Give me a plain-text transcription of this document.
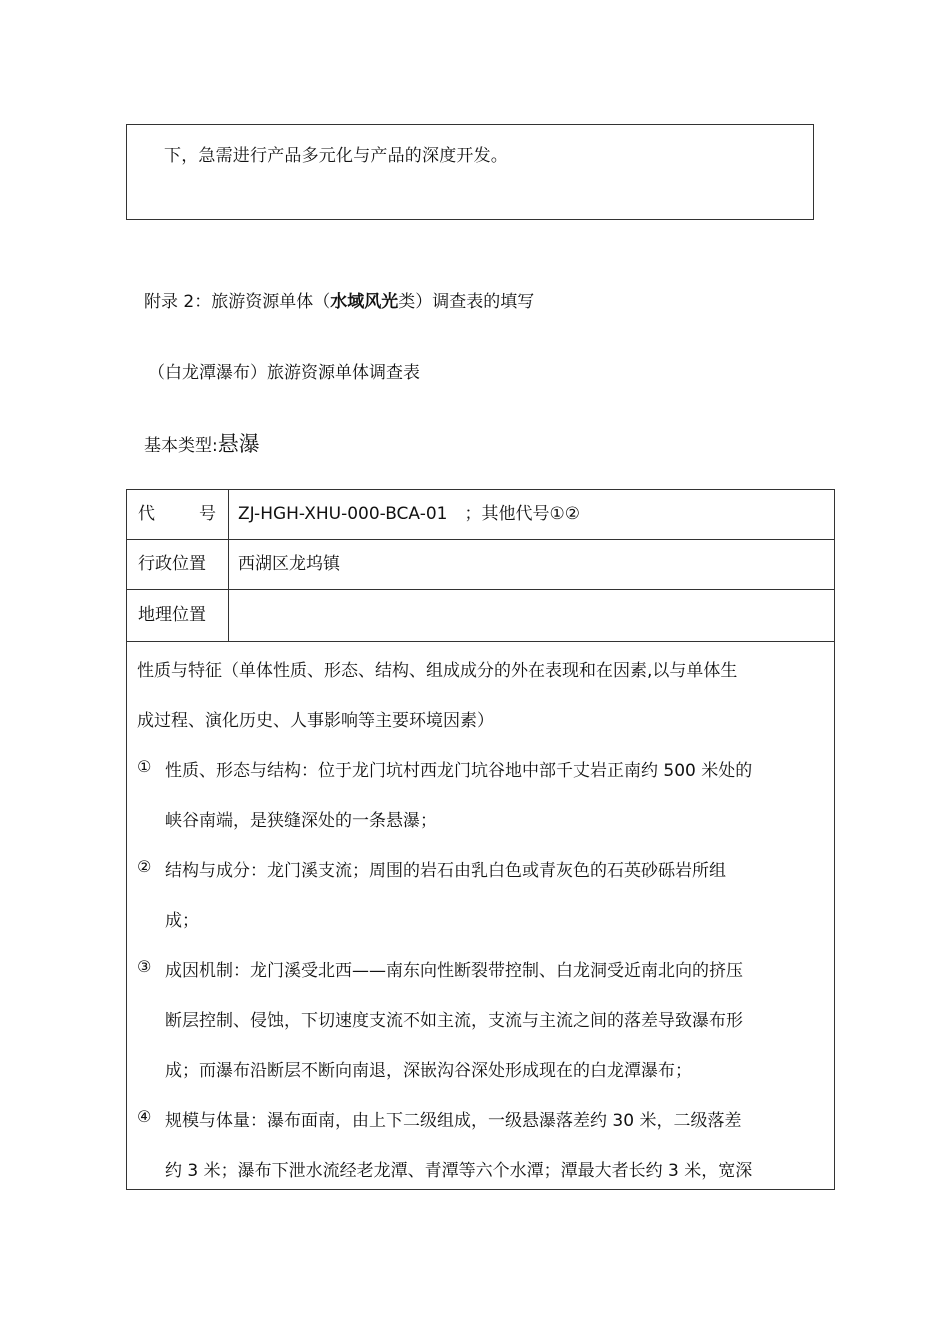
下，急需进行产品多元化与产品的深度开发。
附录 2：旅游资源单体（水域风光类）调查表的填写
（白龙潭瀑布）旅游资源单体调查表
基本类型:悬瀑
代	号 ZJ-HGH-XHU-000-BCA-01　；其他代号①②
行政位置	西湖区龙坞镇
地理位置
性质与特征（单体性质、形态、结构、组成成分的外在表现和在因素,以与单体生
成过程、演化历史、人事影响等主要环境因素）
① 性质、形态与结构：位于龙门坑村西龙门坑谷地中部千丈岩正南约 500 米处的
峡谷南端，是狭缝深处的一条悬瀑；
② 结构与成分：龙门溪支流；周围的岩石由乳白色或青灰色的石英砂砾岩所组
成；
③ 成因机制：龙门溪受北西——南东向性断裂带控制、白龙洞受近南北向的挤压
断层控制、侵蚀，下切速度支流不如主流，支流与主流之间的落差导致瀑布形
成；而瀑布沿断层不断向南退，深嵌沟谷深处形成现在的白龙潭瀑布；
④ 规模与体量：瀑布面南，由上下二级组成，一级悬瀑落差约 30 米，二级落差
约 3 米；瀑布下泄水流经老龙潭、青潭等六个水潭；潭最大者长约 3 米，宽深
